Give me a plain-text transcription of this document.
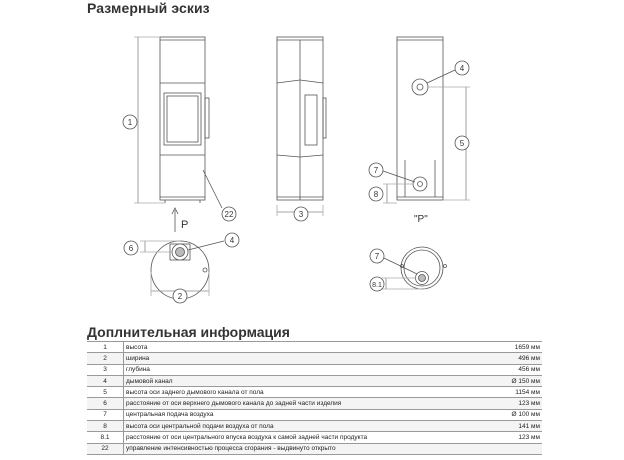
Размерный эскиз
1
22	3
4
5
7
8
6
4
2
7
8.1
P	"P"
Доплнительная информация
1	высота	1659 мм
2	ширина	496 мм
3	глубина	456 мм
4	дымовой канал	Ø 150 мм
5	высота оси заднего дымового канала от пола	1154 мм
6	расстояние от оси верхнего дымового канала до задней части изделия	123 мм
7	центральная подача воздуха	Ø 100 мм
8	высота оси центральной подачи воздуха от пола	141 мм
8.1	расстояние от оси центрального впуска воздуха к самой задней части продукта	123 мм
22	управление интенсивностью процесса сгорания - выдвинуто открыто	
